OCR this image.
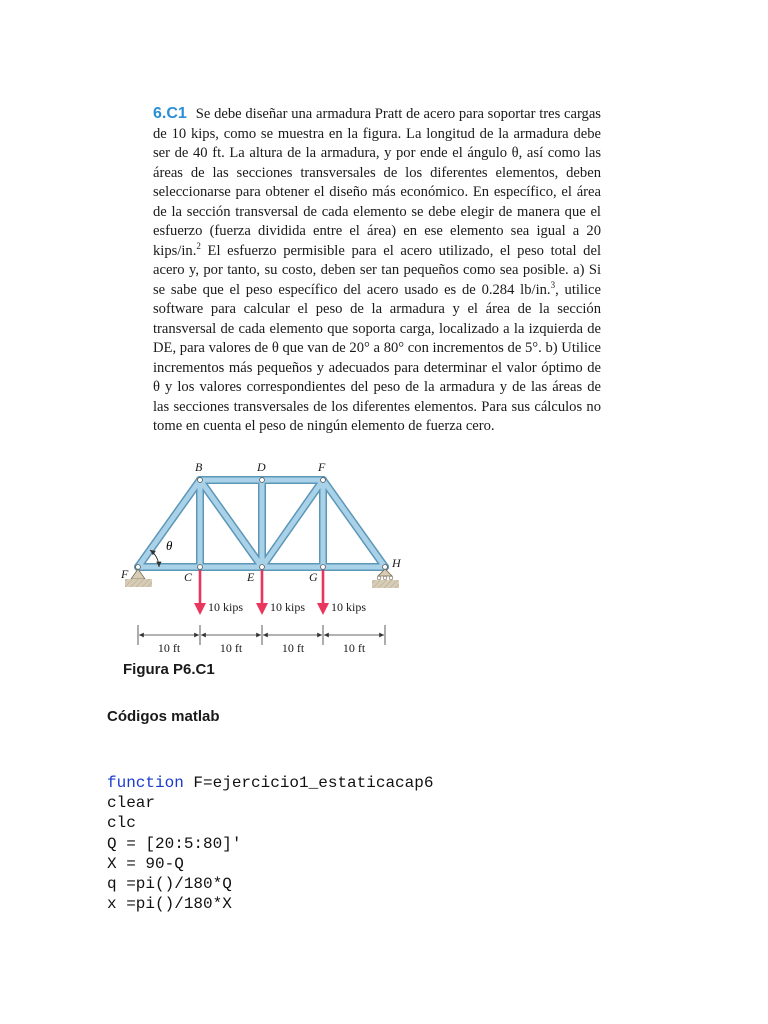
6.C1 Se debe diseñar una armadura Pratt de acero para soportar tres cargas de 10 kips, como se muestra en la figura. La longitud de la armadura debe ser de 40 ft. La altura de la armadura, y por ende el ángulo θ, así como las áreas de las secciones transversales de los diferentes elementos, deben seleccionarse para obtener el diseño más económico. En específico, el área de la sección transversal de cada elemento se debe elegir de manera que el esfuerzo (fuerza dividida entre el área) en ese elemento sea igual a 20 kips/in.$^2$ El esfuerzo permisible para el acero utilizado, el peso total del acero y, por tanto, su costo, deben ser tan pequeños como sea posible. a) Si se sabe que el peso específico del acero usado es de 0.284 lb/in.$^3$, utilice software para calcular el peso de la armadura y el área de la sección transversal de cada elemento que soporta carga, localizado a la izquierda de DE, para valores de θ que van de 20° a 80° con incrementos de 5°. b) Utilice incrementos más pequeños y adecuados para determinar el valor óptimo de θ y los valores correspondientes del peso de la armadura y de las áreas de las secciones transversales de los diferentes elementos. Para sus cálculos no tome en cuenta el peso de ningún elemento de fuerza cero.

θ
B	D	F
F	C	E	G
H
10 kips 10 kips 10 kips
10 ft	10 ft	10 ft	10 ft
Figura P6.C1
Códigos matlab
function F=ejercicio1_estaticacap6
clear
clc
Q = [20:5:80]'
X = 90-Q
q =pi()/180*Q
x =pi()/180*X
